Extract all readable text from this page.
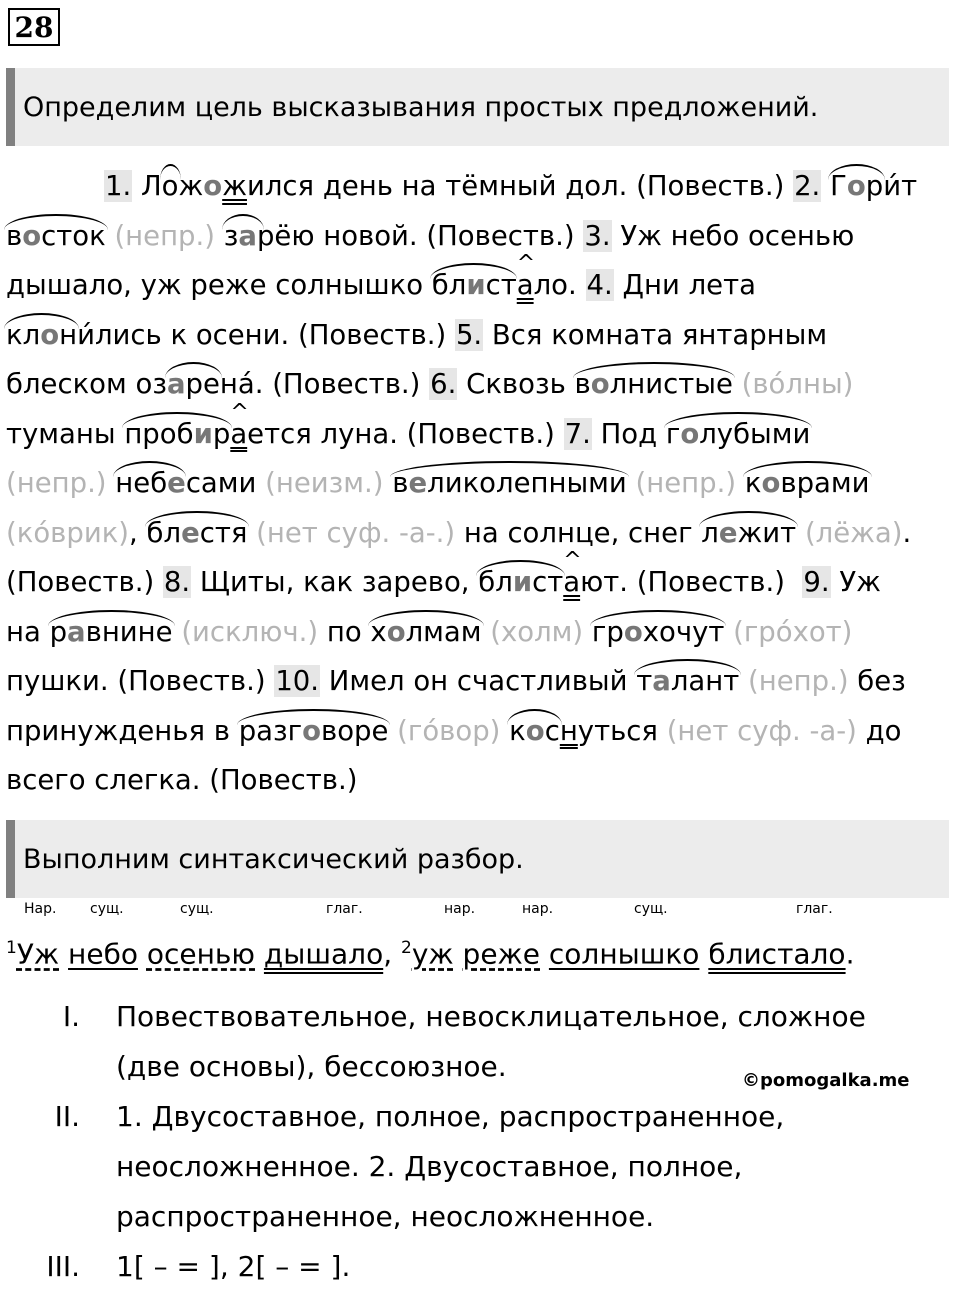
28
Определим цель высказывания простых предложений.
1. Ло
жожился день на тёмный дол. (Повеств.) 2. Гор
и́т
восток (непр.) зарёю
новой. (Повеств.) 3. Уж небо осенью
дышало, уж реже солнышко блист
а
^
ло. 4. Дни лета
клон
и́лись к осени. (Повеств.) 5. Вся комната янтарным
блеском озаре
на́. (Повеств.) 6. Сквозь волнистые (во́лны)
туманы пробир
а
^
ется луна. (Повеств.) 7. Под голубыми
(непр.) небесами (неизм.) великолепными (непр.) коврами
(ко́врик), блестя (нет суф. -а-.) на солнце, снег лежит (лёжа).
(Повеств.) 8. Щиты, как зарево, блист
а
^
ют. (Повеств.)  9. Уж
на равнине (исключ.) по холмам (холм) грохочут (гро́хот)
пушки. (Повеств.) 10. Имел он счастливый талант (непр.) без
принужденья в разговоре (го́вор) кос
нуться (нет суф. -а-) до
всего слегка. (Повеств.)
Выполним синтаксический разбор.
Нар. сущ.	сущ.	глаг.	нар.	нар.	сущ.	глаг.
$^1$Уж небо осенью дышало, $^2$уж реже солнышко блистало.
I. Повествовательное, невосклицательное, сложное
(две основы), бессоюзное.
II. 1. Двусоставное, полное, распространенное,
неосложненное. 2. Двусоставное, полное,
распространенное, неосложненное.
III. 1[ – = ], 2[ – = ].
©pomogalka.me
